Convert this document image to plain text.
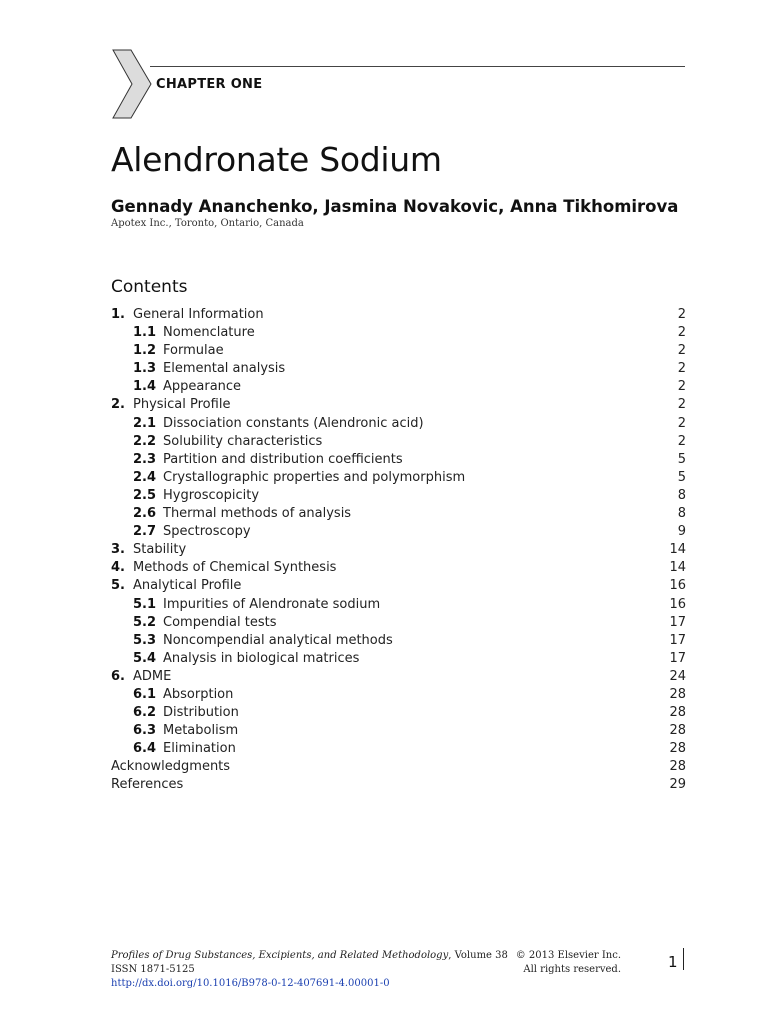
CHAPTER ONE
Alendronate Sodium
Gennady Ananchenko, Jasmina Novakovic, Anna Tikhomirova
Apotex Inc., Toronto, Ontario, Canada
Contents
1. General Information	2
1.1 Nomenclature	2
1.2 Formulae	2
1.3 Elemental analysis	2
1.4 Appearance	2
2. Physical Profile	2
2.1 Dissociation constants (Alendronic acid)	2
2.2 Solubility characteristics	2
2.3 Partition and distribution coefficients	5
2.4 Crystallographic properties and polymorphism	5
2.5 Hygroscopicity	8
2.6 Thermal methods of analysis	8
2.7 Spectroscopy	9
3. Stability	14
4. Methods of Chemical Synthesis	14
5. Analytical Profile	16
5.1 Impurities of Alendronate sodium	16
5.2 Compendial tests	17
5.3 Noncompendial analytical methods	17
5.4 Analysis in biological matrices	17
6. ADME	24
6.1 Absorption	28
6.2 Distribution	28
6.3 Metabolism	28
6.4 Elimination	28
Acknowledgments	28
References	29
Profiles of Drug Substances, Excipients, and Related Methodology, Volume 38
ISSN 1871-5125
http://dx.doi.org/10.1016/B978-0-12-407691-4.00001-0
© 2013 Elsevier Inc.
All rights reserved.	1
